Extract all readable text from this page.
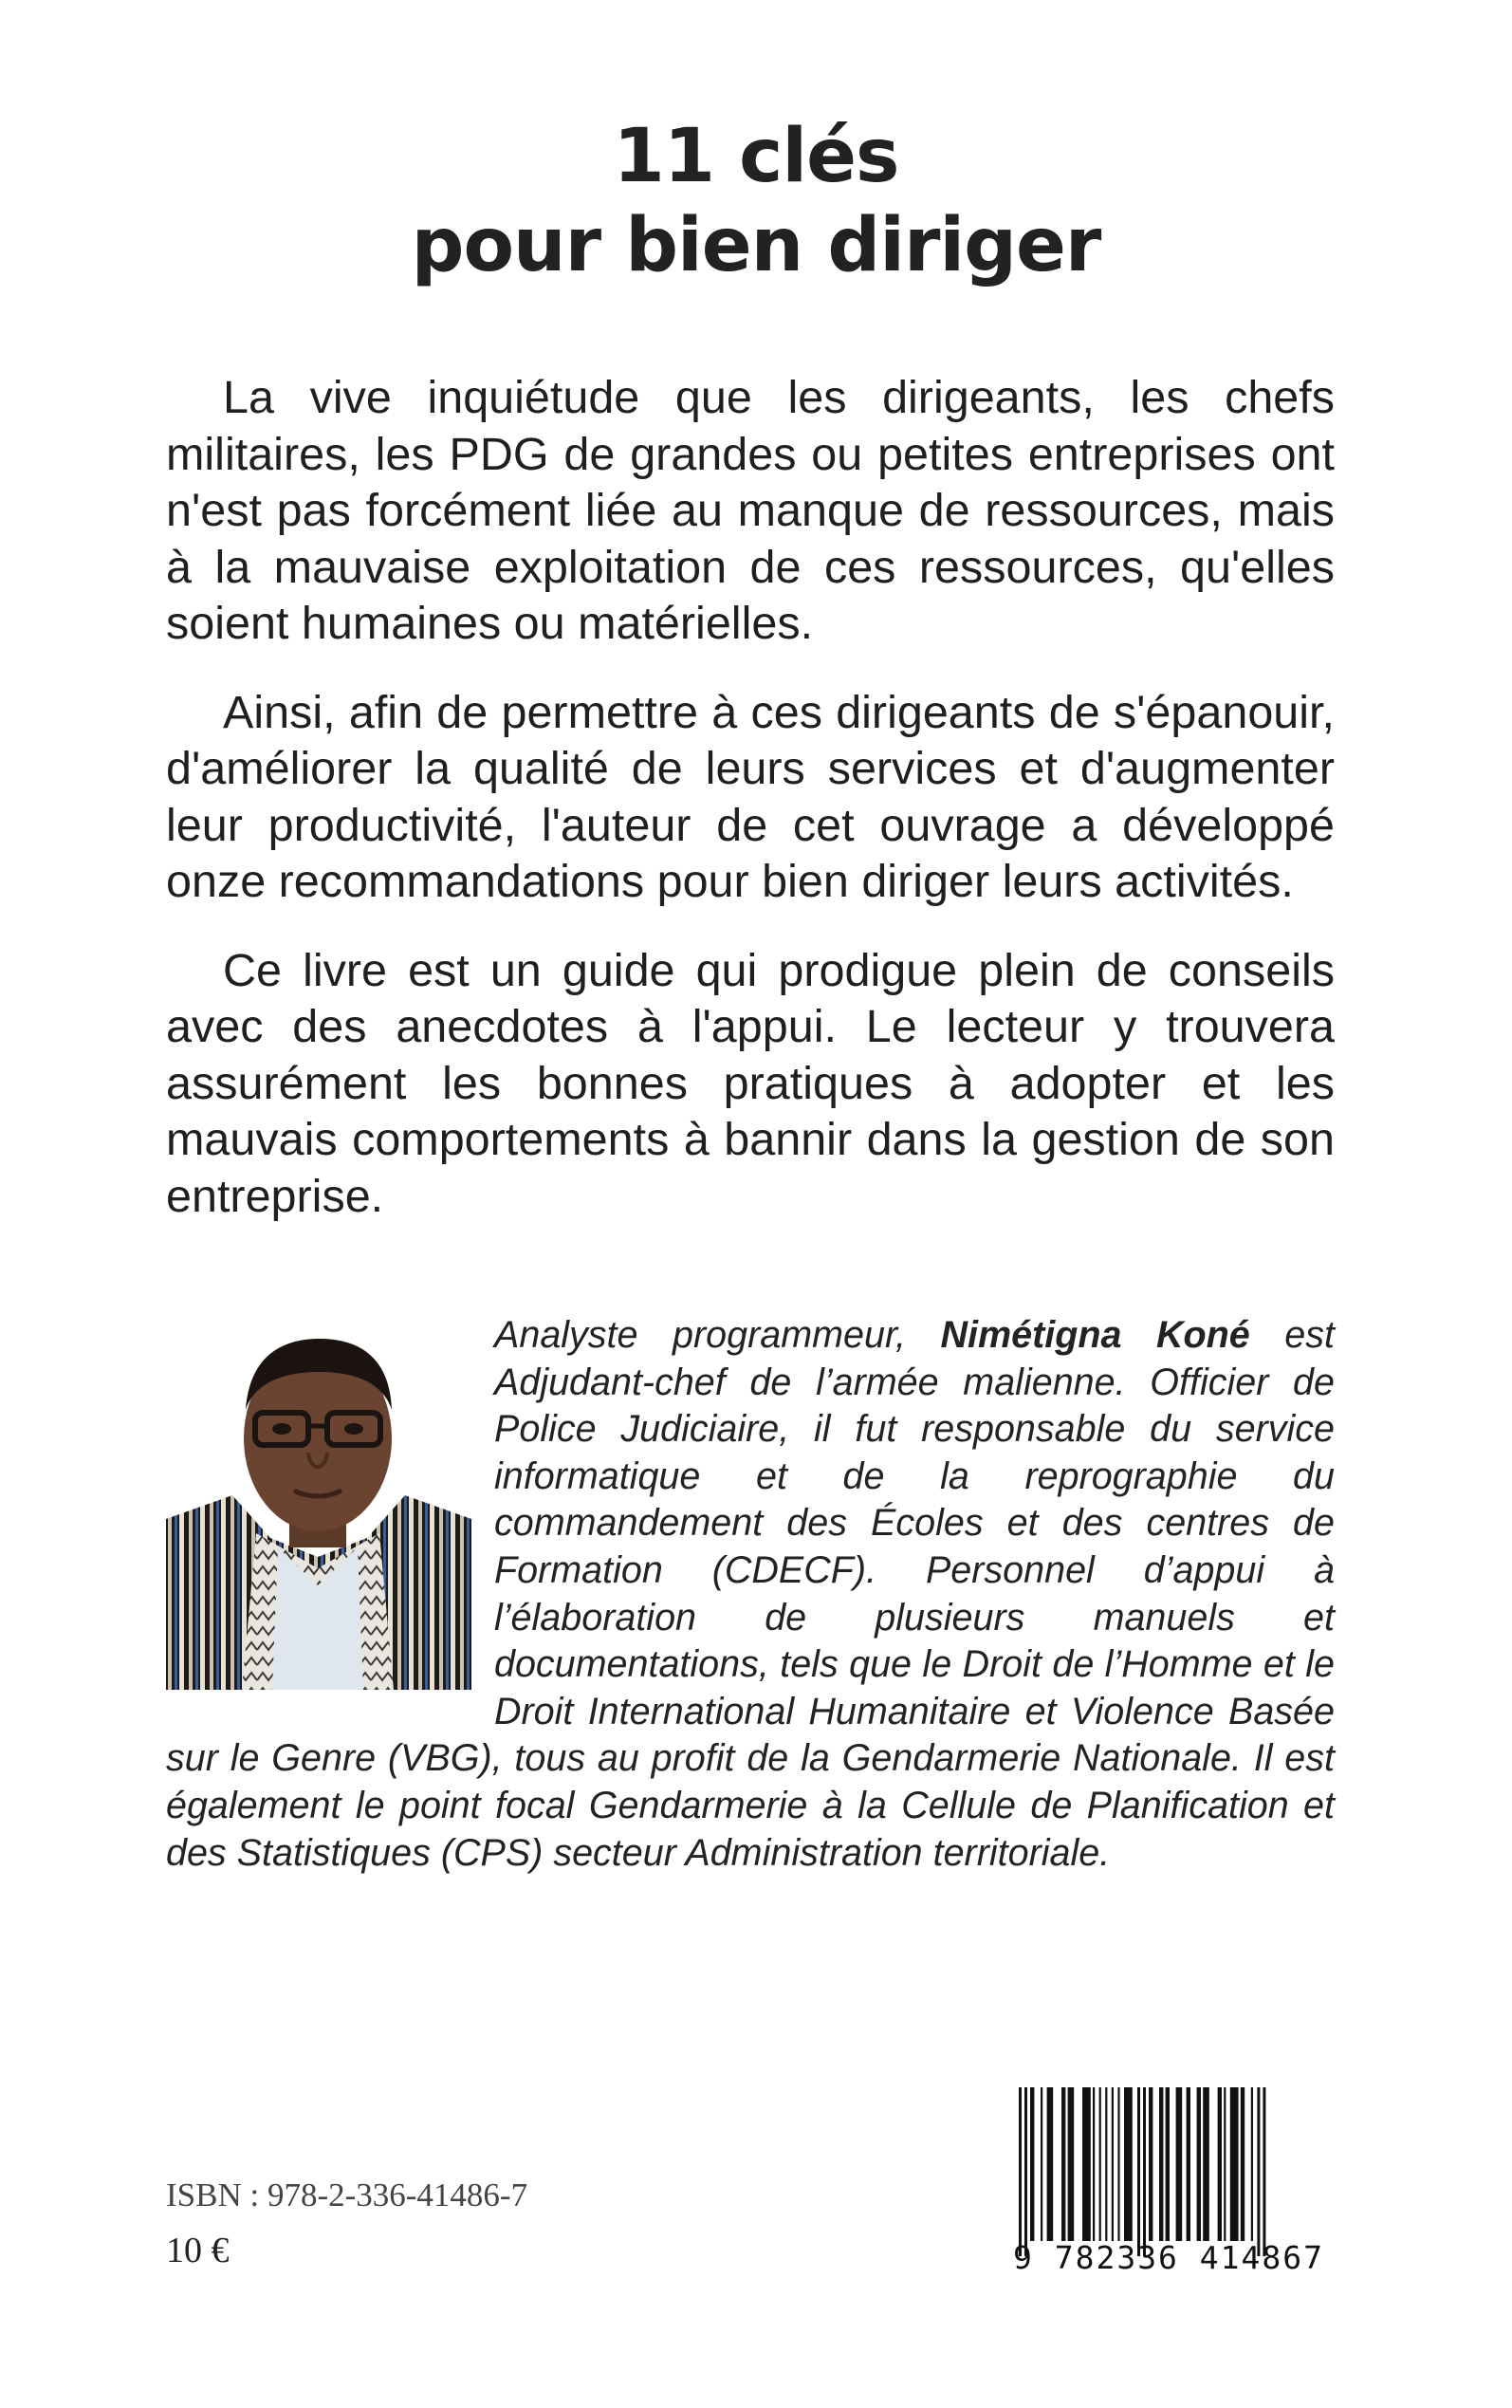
11 clés
pour bien diriger

La vive inquiétude que les dirigeants, les chefs militaires, les PDG de grandes ou petites entreprises ont n'est pas forcément liée au manque de ressources, mais à la mauvaise exploitation de ces ressources, qu'elles soient humaines ou matérielles.

Ainsi, afin de permettre à ces dirigeants de s'épanouir, d'améliorer la qualité de leurs services et d'augmenter leur productivité, l'auteur de cet ouvrage a développé onze recommandations pour bien diriger leurs activités.

Ce livre est un guide qui prodigue plein de conseils avec des anecdotes à l'appui. Le lecteur y trouvera assurément les bonnes pratiques à adopter et les mauvais comportements à bannir dans la gestion de son entreprise.

Analyste programmeur, Nimétigna Koné est Adjudant-chef de l’armée malienne. Officier de Police Judiciaire, il fut responsable du service informatique et de la reprographie du commandement des Écoles et des centres de Formation (CDECF). Personnel d’appui à l’élaboration de plusieurs manuels et documentations, tels que le Droit de l’Homme et le Droit International Humanitaire et Violence Basée sur le Genre (VBG), tous au profit de la Gendarmerie Nationale. Il est également le point focal Gendarmerie à la Cellule de Planification et des Statistiques (CPS) secteur Administration territoriale.

ISBN : 978-2-336-41486-7
10 €	9 782336 414867
